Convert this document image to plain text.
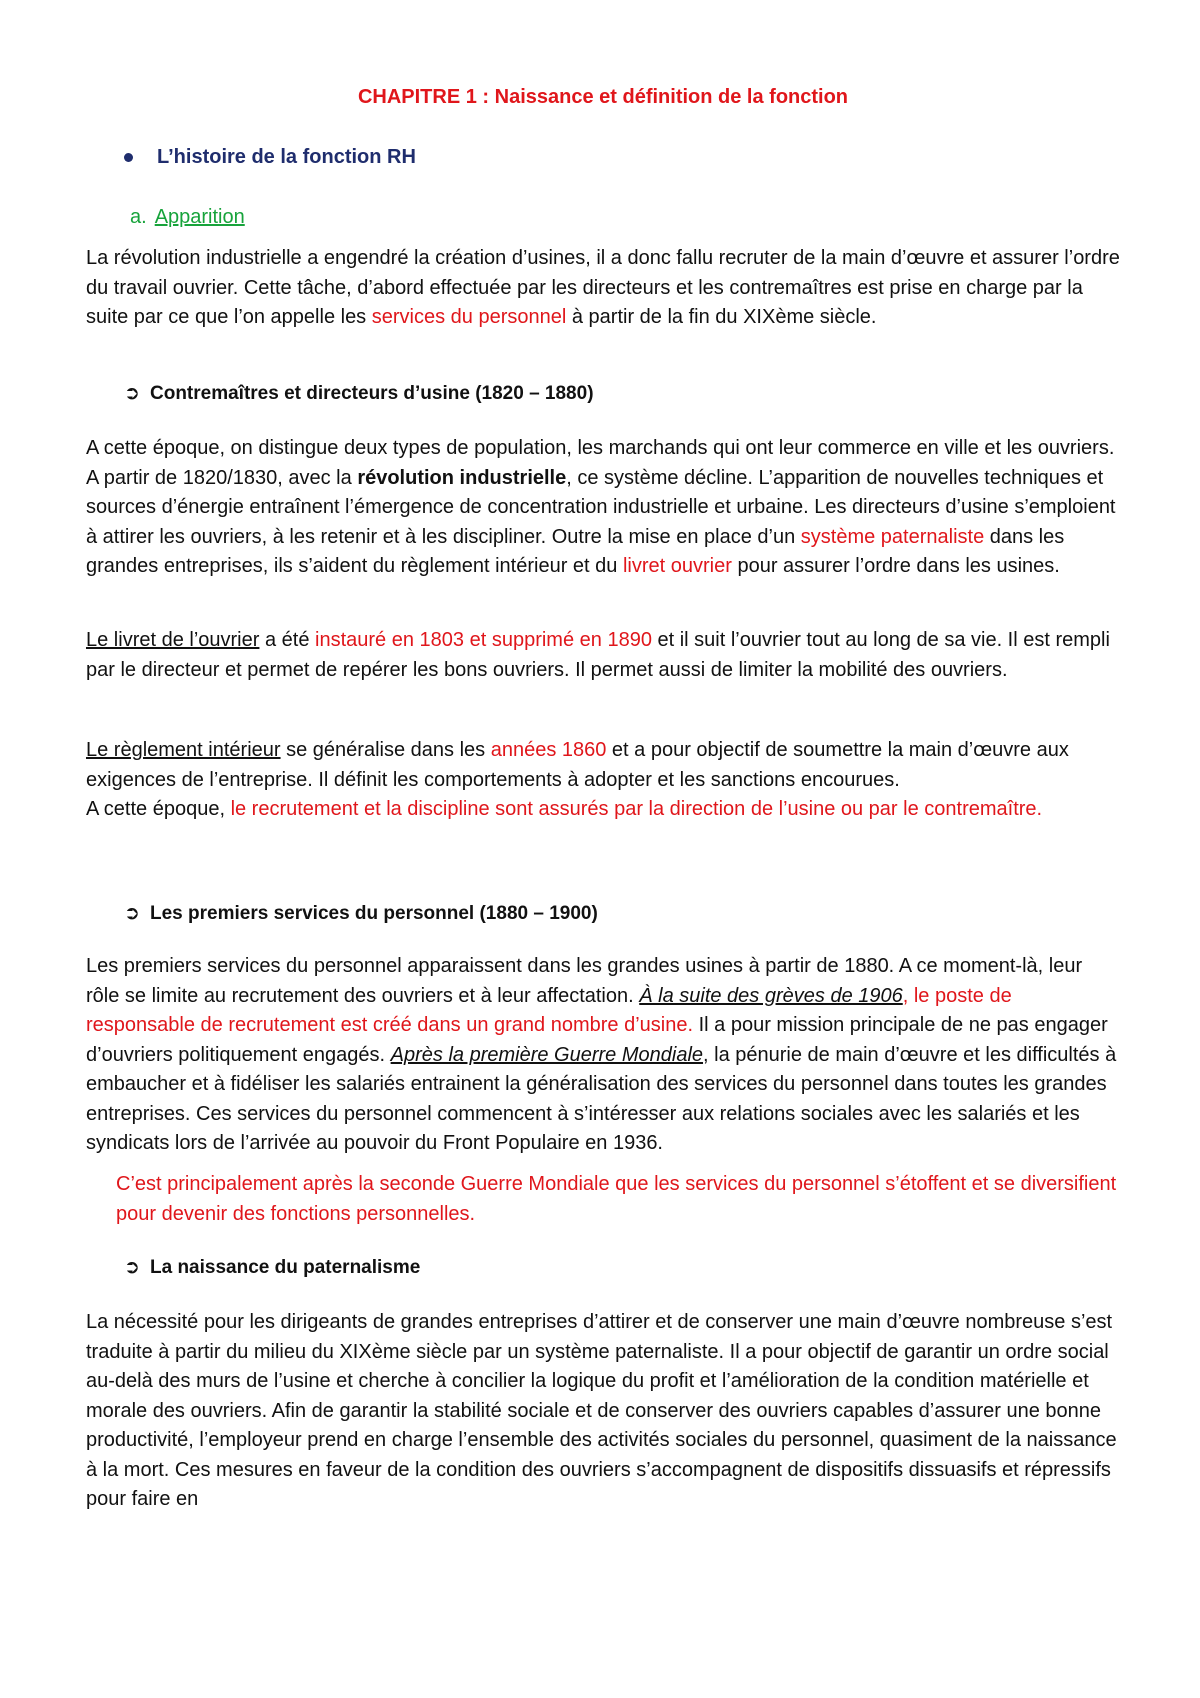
CHAPITRE 1 : Naissance et définition de la fonction
L’histoire de la fonction RH
a. Apparition

La révolution industrielle a engendré la création d’usines, il a donc fallu recruter de la main d’œuvre et assurer l’ordre du travail ouvrier. Cette tâche, d’abord effectuée par les directeurs et les contremaîtres est prise en charge par la suite par ce que l’on appelle les services du personnel à partir de la fin du XIXème siècle.

➲ Contremaîtres et directeurs d’usine (1820 – 1880)

A cette époque, on distingue deux types de population, les marchands qui ont leur commerce en ville et les ouvriers. A partir de 1820/1830, avec la révolution industrielle, ce système décline. L’apparition de nouvelles techniques et sources d’énergie entraînent l’émergence de concentration industrielle et urbaine. Les directeurs d’usine s’emploient à attirer les ouvriers, à les retenir et à les discipliner. Outre la mise en place d’un système paternaliste dans les grandes entreprises, ils s’aident du règlement intérieur et du livret ouvrier pour assurer l’ordre dans les usines.

Le livret de l’ouvrier a été instauré en 1803 et supprimé en 1890 et il suit l’ouvrier tout au long de sa vie. Il est rempli par le directeur et permet de repérer les bons ouvriers. Il permet aussi de limiter la mobilité des ouvriers.

Le règlement intérieur se généralise dans les années 1860 et a pour objectif de soumettre la main d’œuvre aux exigences de l’entreprise. Il définit les comportements à adopter et les sanctions encourues.
A cette époque, le recrutement et la discipline sont assurés par la direction de l’usine ou par le contremaître.

➲ Les premiers services du personnel (1880 – 1900)

Les premiers services du personnel apparaissent dans les grandes usines à partir de 1880. A ce moment-là, leur rôle se limite au recrutement des ouvriers et à leur affectation. À la suite des grèves de 1906, le poste de responsable de recrutement est créé dans un grand nombre d’usine. Il a pour mission principale de ne pas engager d’ouvriers politiquement engagés. Après la première Guerre Mondiale, la pénurie de main d’œuvre et les difficultés à embaucher et à fidéliser les salariés entrainent la généralisation des services du personnel dans toutes les grandes entreprises. Ces services du personnel commencent à s’intéresser aux relations sociales avec les salariés et les syndicats lors de l’arrivée au pouvoir du Front Populaire en 1936.

C’est principalement après la seconde Guerre Mondiale que les services du personnel s’étoffent et se diversifient pour devenir des fonctions personnelles.

➲ La naissance du paternalisme

La nécessité pour les dirigeants de grandes entreprises d’attirer et de conserver une main d’œuvre nombreuse s’est traduite à partir du milieu du XIXème siècle par un système paternaliste. Il a pour objectif de garantir un ordre social au-delà des murs de l’usine et cherche à concilier la logique du profit et l’amélioration de la condition matérielle et morale des ouvriers. Afin de garantir la stabilité sociale et de conserver des ouvriers capables d’assurer une bonne productivité, l’employeur prend en charge l’ensemble des activités sociales du personnel, quasiment de la naissance à la mort. Ces mesures en faveur de la condition des ouvriers s’accompagnent de dispositifs dissuasifs et répressifs pour faire en
